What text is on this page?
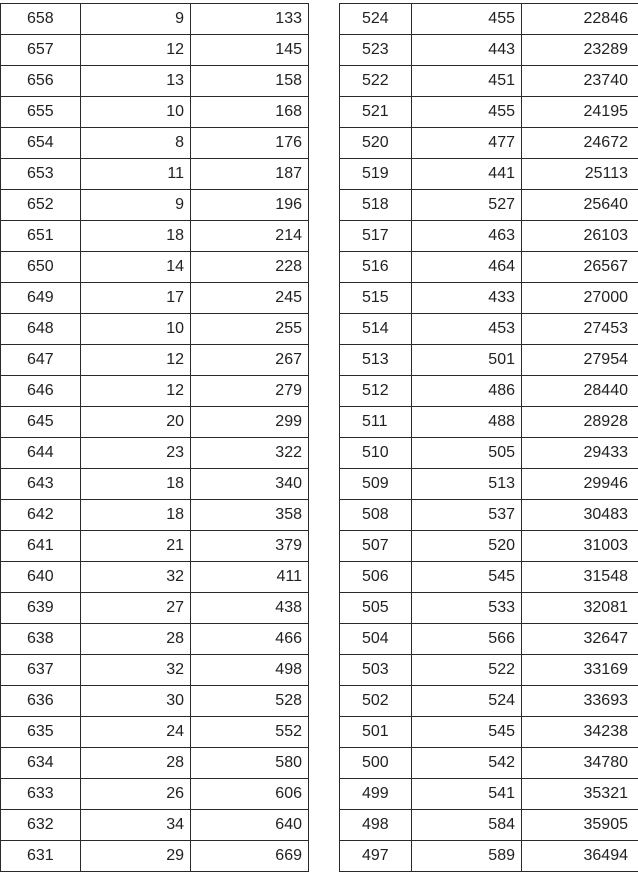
658	9	133
657	12	145
656	13	158
655	10	168
654	8	176
653	11	187
652	9	196
651	18	214
650	14	228
649	17	245
648	10	255
647	12	267
646	12	279
645	20	299
644	23	322
643	18	340
642	18	358
641	21	379
640	32	411
639	27	438
638	28	466
637	32	498
636	30	528
635	24	552
634	28	580
633	26	606
632	34	640
631	29	669
524	455	22846
523	443	23289
522	451	23740
521	455	24195
520	477	24672
519	441	25113
518	527	25640
517	463	26103
516	464	26567
515	433	27000
514	453	27453
513	501	27954
512	486	28440
511	488	28928
510	505	29433
509	513	29946
508	537	30483
507	520	31003
506	545	31548
505	533	32081
504	566	32647
503	522	33169
502	524	33693
501	545	34238
500	542	34780
499	541	35321
498	584	35905
497	589	36494
